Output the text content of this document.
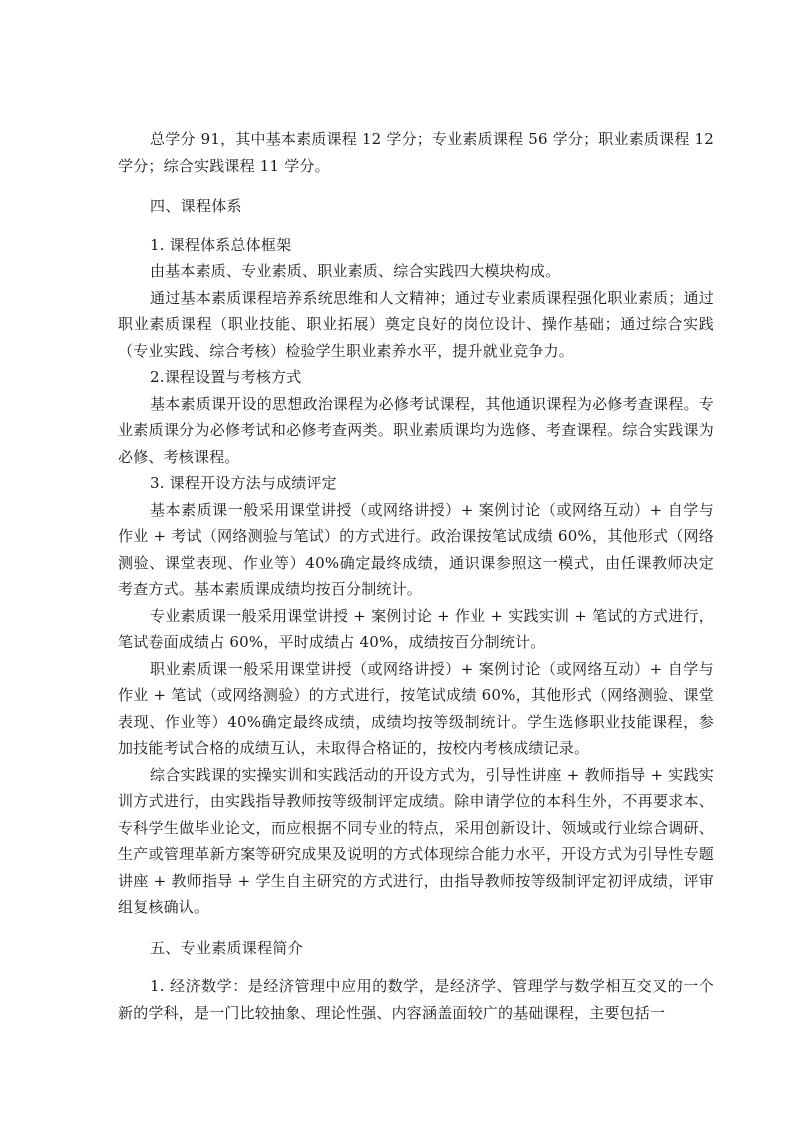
总学分 91，其中基本素质课程 12 学分；专业素质课程 56 学分；职业素质课程 12 学分；综合实践课程 11 学分。

四、课程体系

1. 课程体系总体框架

由基本素质、专业素质、职业素质、综合实践四大模块构成。

通过基本素质课程培养系统思维和人文精神；通过专业素质课程强化职业素质；通过职业素质课程（职业技能、职业拓展）奠定良好的岗位设计、操作基础；通过综合实践（专业实践、综合考核）检验学生职业素养水平，提升就业竞争力。

2.课程设置与考核方式

基本素质课开设的思想政治课程为必修考试课程，其他通识课程为必修考查课程。专业素质课分为必修考试和必修考查两类。职业素质课均为选修、考查课程。综合实践课为必修、考核课程。

3. 课程开设方法与成绩评定

基本素质课一般采用课堂讲授（或网络讲授）+ 案例讨论（或网络互动）+ 自学与作业 + 考试（网络测验与笔试）的方式进行。政治课按笔试成绩 60%，其他形式（网络测验、课堂表现、作业等）40%确定最终成绩，通识课参照这一模式，由任课教师决定考查方式。基本素质课成绩均按百分制统计。

专业素质课一般采用课堂讲授 + 案例讨论 + 作业 + 实践实训 + 笔试的方式进行，笔试卷面成绩占 60%，平时成绩占 40%，成绩按百分制统计。

职业素质课一般采用课堂讲授（或网络讲授）+ 案例讨论（或网络互动）+ 自学与作业 + 笔试（或网络测验）的方式进行，按笔试成绩 60%，其他形式（网络测验、课堂表现、作业等）40%确定最终成绩，成绩均按等级制统计。学生选修职业技能课程，参加技能考试合格的成绩互认，未取得合格证的，按校内考核成绩记录。

综合实践课的实操实训和实践活动的开设方式为，引导性讲座 + 教师指导 + 实践实训方式进行，由实践指导教师按等级制评定成绩。除申请学位的本科生外，不再要求本、专科学生做毕业论文，而应根据不同专业的特点，采用创新设计、领域或行业综合调研、生产或管理革新方案等研究成果及说明的方式体现综合能力水平，开设方式为引导性专题讲座 + 教师指导 + 学生自主研究的方式进行，由指导教师按等级制评定初评成绩，评审组复核确认。

五、专业素质课程简介

1. 经济数学：是经济管理中应用的数学，是经济学、管理学与数学相互交叉的一个新的学科，是一门比较抽象、理论性强、内容涵盖面较广的基础课程，主要包括一
